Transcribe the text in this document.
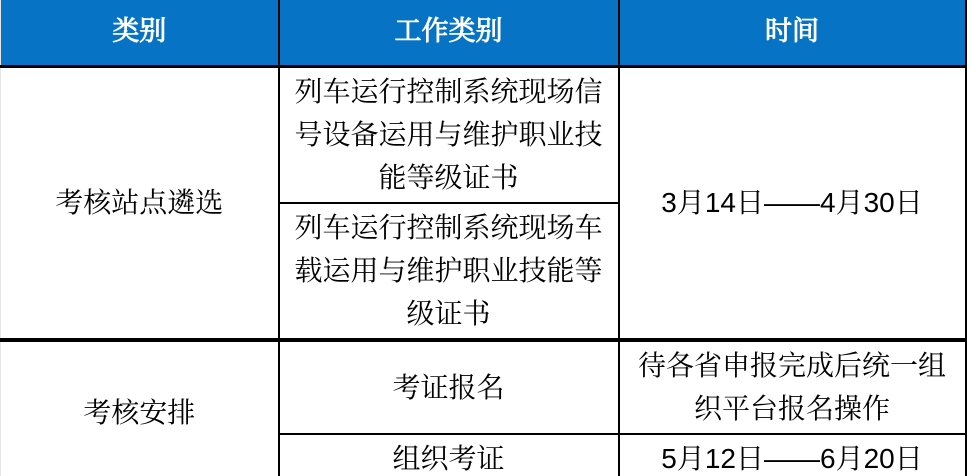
类别	工作类别	时间
考核站点遴选	列车运行控制系统现场信号设备运用与维护职业技能等级证书	3月14日——4月30日
	列车运行控制系统现场车载运用与维护职业技能等级证书	
考核安排	考证报名	待各省申报完成后统一组织平台报名操作
	组织考证	5月12日——6月20日
